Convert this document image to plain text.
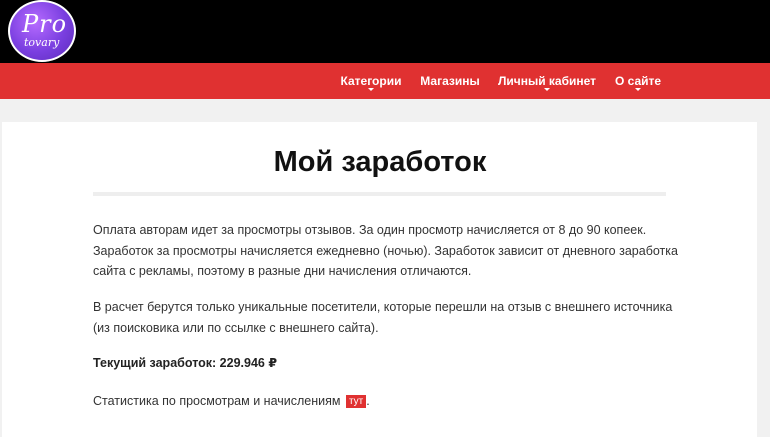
Pro
tovary
Категории Магазины Личный кабинет О сайте
Мой заработок
Оплата авторам идет за просмотры отзывов. За один просмотр начисляется от 8 до 90 копеек. Заработок за просмотры начисляется ежедневно (ночью). Заработок зависит от дневного заработка сайта с рекламы, поэтому в разные дни начисления отличаются.
В расчет берутся только уникальные посетители, которые перешли на отзыв с внешнего источника (из поисковика или по ссылке с внешнего сайта).
Текущий заработок: 229.946 ₽
Статистика по просмотрам и начислениям тут .
